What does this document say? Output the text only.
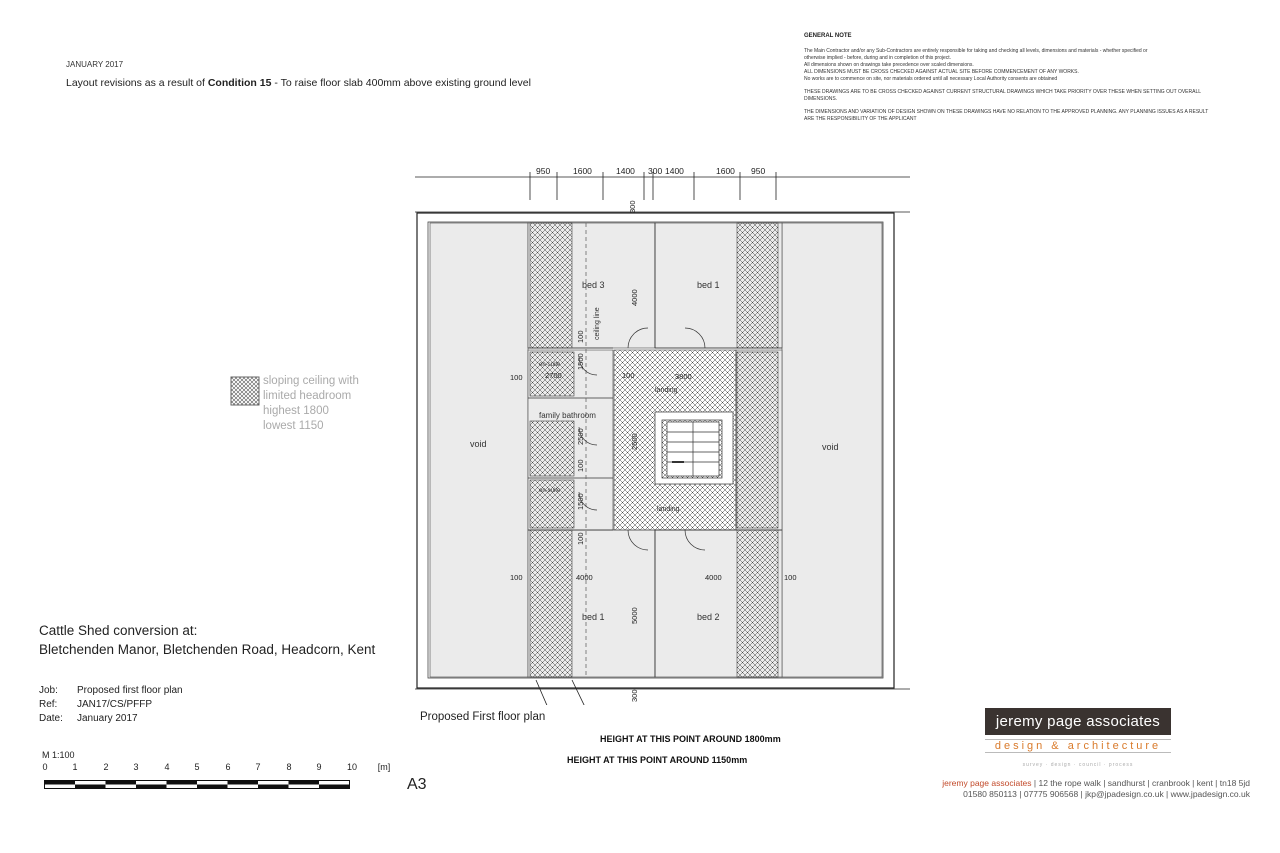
JANUARY 2017
Layout revisions as a result of Condition 15 - To raise floor slab 400mm above existing ground level
GENERAL NOTE
The Main Contractor and/or any Sub-Contractors are entirely responsible for taking and checking all levels, dimensions and materials - whether specified or
otherwise implied - before, during and in completion of this project.
All dimensions shown on drawings take precedence over scaled dimensions.
ALL DIMENSIONS MUST BE CROSS CHECKED AGAINST ACTUAL SITE BEFORE COMMENCEMENT OF ANY WORKS.
No works are to commence on site, nor materials ordered until all necessary Local Authority consents are obtained
THESE DRAWINGS ARE TO BE CROSS CHECKED AGAINST CURRENT STRUCTURAL DRAWINGS WHICH TAKE PRIORITY OVER THESE WHEN SETTING OUT OVERALL
DIMENSIONS.
THE DIMENSIONS AND VARIATION OF DESIGN SHOWN ON THESE DRAWINGS HAVE NO RELATION TO THE APPROVED PLANNING. ANY PLANNING ISSUES AS A RESULT
ARE THE RESPONSIBILITY OF THE APPLICANT
sloping ceiling with
limited headroom
highest 1800
lowest 1150
Cattle Shed conversion at:
Bletchenden Manor, Bletchenden Road, Headcorn, Kent
Job: Proposed first floor plan
Ref: JAN17/CS/PFFP
Date: January 2017
M 1:100
0	1	2	3	4	5	6	7	8	9	10	[m]
A3
950	1600	1400 300 1400	1600 950
void	void
bed 3	bed 1
bed 1	bed 2
family bathroom
en-suite
en-suite
landing
landing
ceiling line
300
4000
100
100
1500
2700
2500
100
1500
100
4000	4000
100	100
5000
300
3800
2500
100
Proposed First floor plan
HEIGHT AT THIS POINT AROUND 1800mm
HEIGHT AT THIS POINT AROUND 1150mm
jeremy page associates
design & architecture
survey · design · council · process
jeremy page associates | 12 the rope walk | sandhurst | cranbrook | kent | tn18 5jd
01580 850113 | 07775 906568 | jkp@jpadesign.co.uk | www.jpadesign.co.uk
